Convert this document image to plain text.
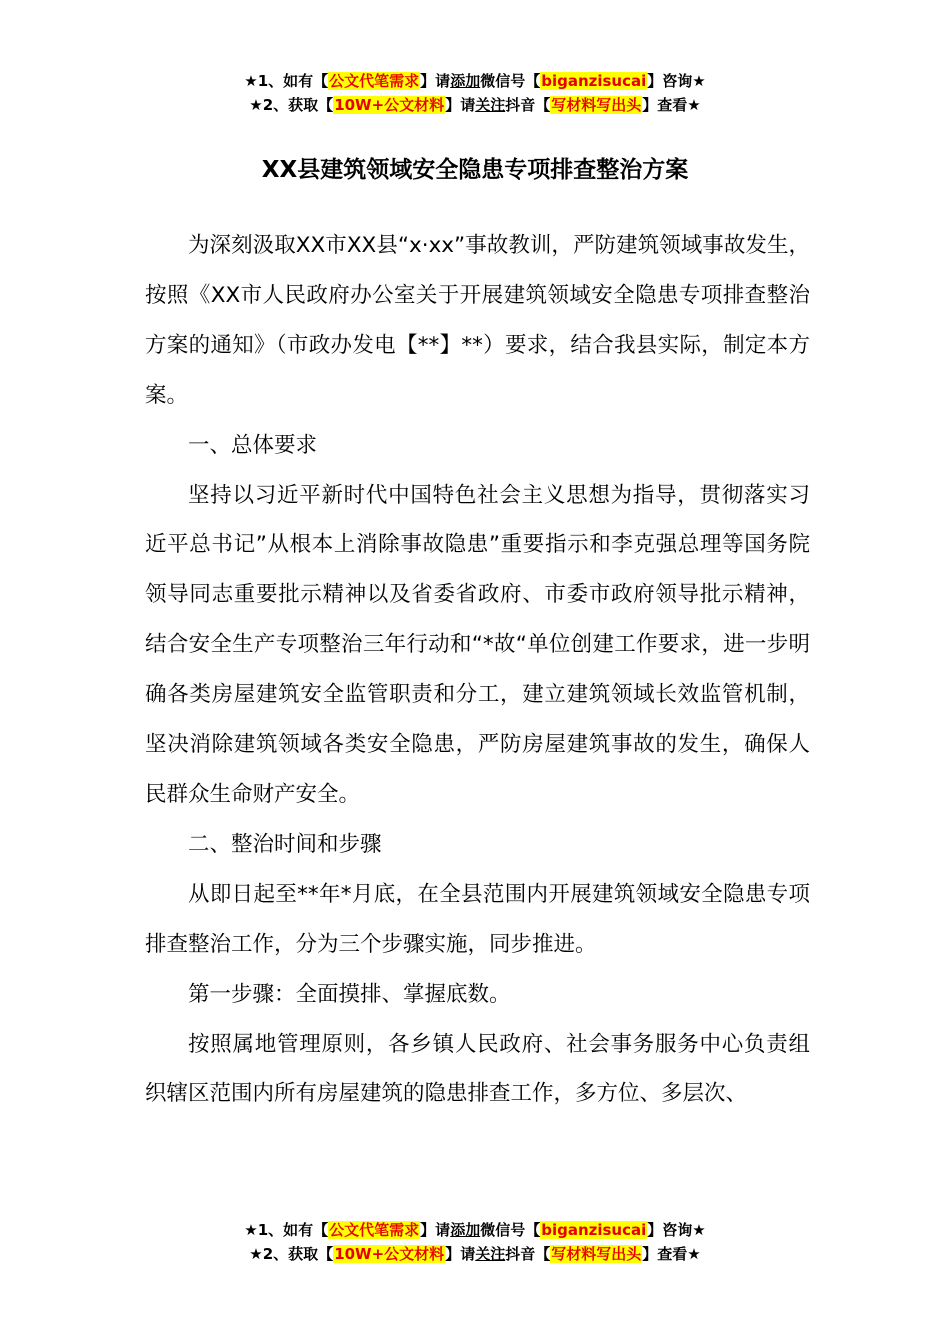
★1、如有【公文代笔需求】请添加微信号【biganzisucai】咨询★
★2、获取【10W+公文材料】请关注抖音【写材料写出头】查看★
XX县建筑领域安全隐患专项排查整治方案

为深刻汲取XX市XX县“x·xx”事故教训，严防建筑领域事故发生，按照《XX市人民政府办公室关于开展建筑领域安全隐患专项排查整治方案的通知》（市政办发电【**】**）要求，结合我县实际，制定本方案。

一、总体要求

坚持以习近平新时代中国特色社会主义思想为指导，贯彻落实习近平总书记”从根本上消除事故隐患”重要指示和李克强总理等国务院领导同志重要批示精神以及省委省政府、市委市政府领导批示精神，结合安全生产专项整治三年行动和“*故“单位创建工作要求，进一步明确各类房屋建筑安全监管职责和分工，建立建筑领域长效监管机制，坚决消除建筑领域各类安全隐患，严防房屋建筑事故的发生，确保人民群众生命财产安全。

二、整治时间和步骤

从即日起至**年*月底，在全县范围内开展建筑领域安全隐患专项排查整治工作，分为三个步骤实施，同步推进。

第一步骤：全面摸排、掌握底数。

按照属地管理原则，各乡镇人民政府、社会事务服务中心负责组织辖区范围内所有房屋建筑的隐患排查工作，多方位、多层次、

★1、如有【公文代笔需求】请添加微信号【biganzisucai】咨询★
★2、获取【10W+公文材料】请关注抖音【写材料写出头】查看★
